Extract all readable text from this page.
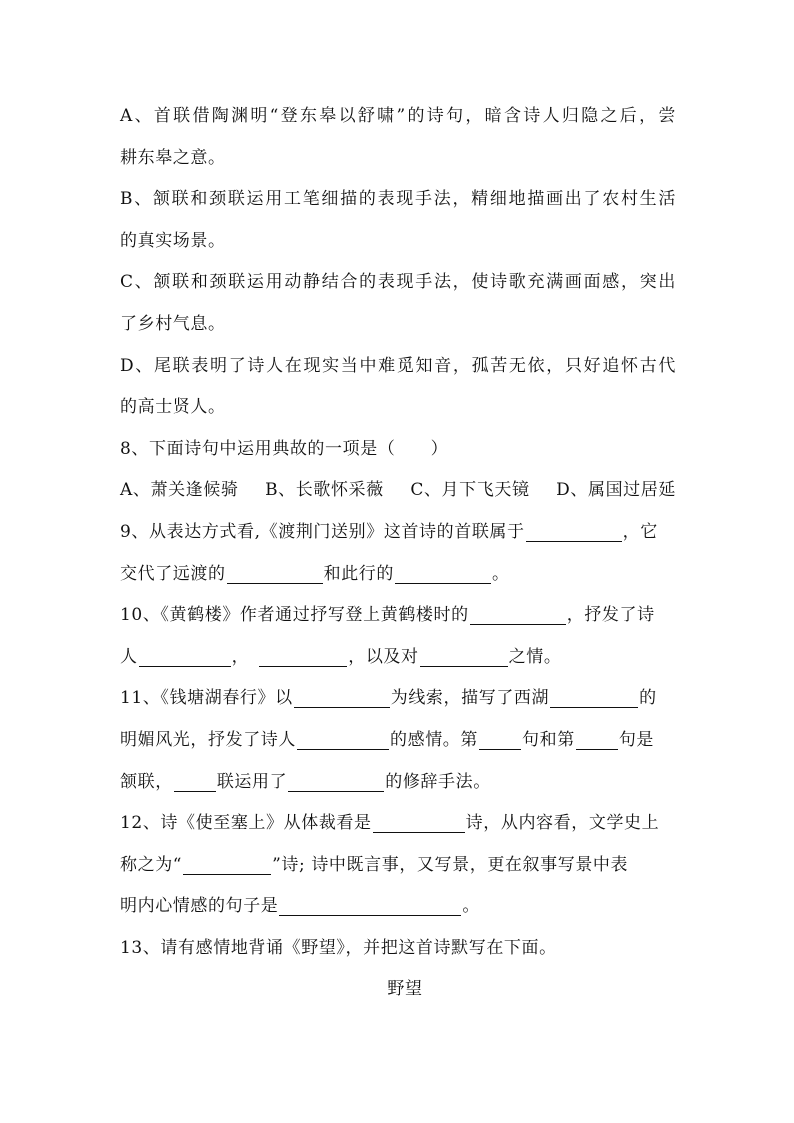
A、首联借陶渊明“登东皋以舒啸”的诗句，暗含诗人归隐之后，尝
耕东皋之意。
B、颔联和颈联运用工笔细描的表现手法，精细地描画出了农村生活
的真实场景。
C、颔联和颈联运用动静结合的表现手法，使诗歌充满画面感，突出
了乡村气息。
D、尾联表明了诗人在现实当中难觅知音，孤苦无依，只好追怀古代
的高士贤人。
8、下面诗句中运用典故的一项是（　　）
A、萧关逢候骑 B、长歌怀采薇 C、月下飞天镜 D、属国过居延
9、从表达方式看,《渡荆门送别》这首诗的首联属于	，它
交代了远渡的	和此行的	。
10、《黄鹤楼》作者通过抒写登上黄鹤楼时的	，抒发了诗
人	，	，以及对	之情。
11、《钱塘湖春行》以	为线索，描写了西湖	的
明媚风光，抒发了诗人	的感情。第	句和第	句是
颔联，	联运用了	的修辞手法。
12、诗《使至塞上》从体裁看是	诗，从内容看，文学史上
称之为“	”诗; 诗中既言事，又写景，更在叙事写景中表
明内心情感的句子是	。
13、请有感情地背诵《野望》，并把这首诗默写在下面。
野望
